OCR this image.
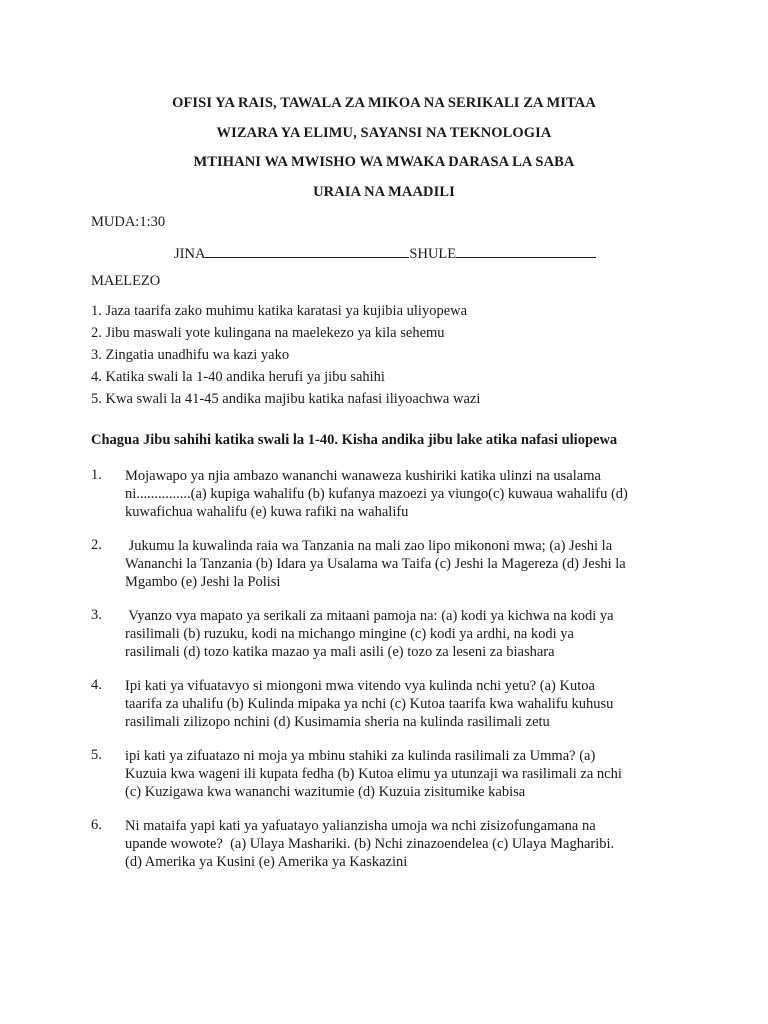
OFISI YA RAIS, TAWALA ZA MIKOA NA SERIKALI ZA MITAA
WIZARA YA ELIMU, SAYANSI NA TEKNOLOGIA
MTIHANI WA MWISHO WA MWAKA DARASA LA SABA
URAIA NA MAADILI
MUDA:1:30
JINA	SHULE
MAELEZO
1. Jaza taarifa zako muhimu katika karatasi ya kujibia uliyopewa
2. Jibu maswali yote kulingana na maelekezo ya kila sehemu
3. Zingatia unadhifu wa kazi yako
4. Katika swali la 1-40 andika herufi ya jibu sahihi
5. Kwa swali la 41-45 andika majibu katika nafasi iliyoachwa wazi
Chagua Jibu sahihi katika swali la 1-40. Kisha andika jibu lake atika nafasi uliopewa
1. Mojawapo ya njia ambazo wananchi wanaweza kushiriki katika ulinzi na usalama
ni...............(a) kupiga wahalifu (b) kufanya mazoezi ya viungo(c) kuwaua wahalifu (d)
kuwafichua wahalifu (e) kuwa rafiki na wahalifu
2. Jukumu la kuwalinda raia wa Tanzania na mali zao lipo mikononi mwa; (a) Jeshi la
Wananchi la Tanzania (b) Idara ya Usalama wa Taifa (c) Jeshi la Magereza (d) Jeshi la
Mgambo (e) Jeshi la Polisi
3. Vyanzo vya mapato ya serikali za mitaani pamoja na: (a) kodi ya kichwa na kodi ya
rasilimali (b) ruzuku, kodi na michango mingine (c) kodi ya ardhi, na kodi ya
rasilimali (d) tozo katika mazao ya mali asili (e) tozo za leseni za biashara
4. Ipi kati ya vifuatavyo si miongoni mwa vitendo vya kulinda nchi yetu? (a) Kutoa
taarifa za uhalifu (b) Kulinda mipaka ya nchi (c) Kutoa taarifa kwa wahalifu kuhusu
rasilimali zilizopo nchini (d) Kusimamia sheria na kulinda rasilimali zetu
5. ipi kati ya zifuatazo ni moja ya mbinu stahiki za kulinda rasilimali za Umma? (a)
Kuzuia kwa wageni ili kupata fedha (b) Kutoa elimu ya utunzaji wa rasilimali za nchi
(c) Kuzigawa kwa wananchi wazitumie (d) Kuzuia zisitumike kabisa
6. Ni mataifa yapi kati ya yafuatayo yalianzisha umoja wa nchi zisizofungamana na
upande wowote?  (a) Ulaya Mashariki. (b) Nchi zinazoendelea (c) Ulaya Magharibi.
(d) Amerika ya Kusini (e) Amerika ya Kaskazini
